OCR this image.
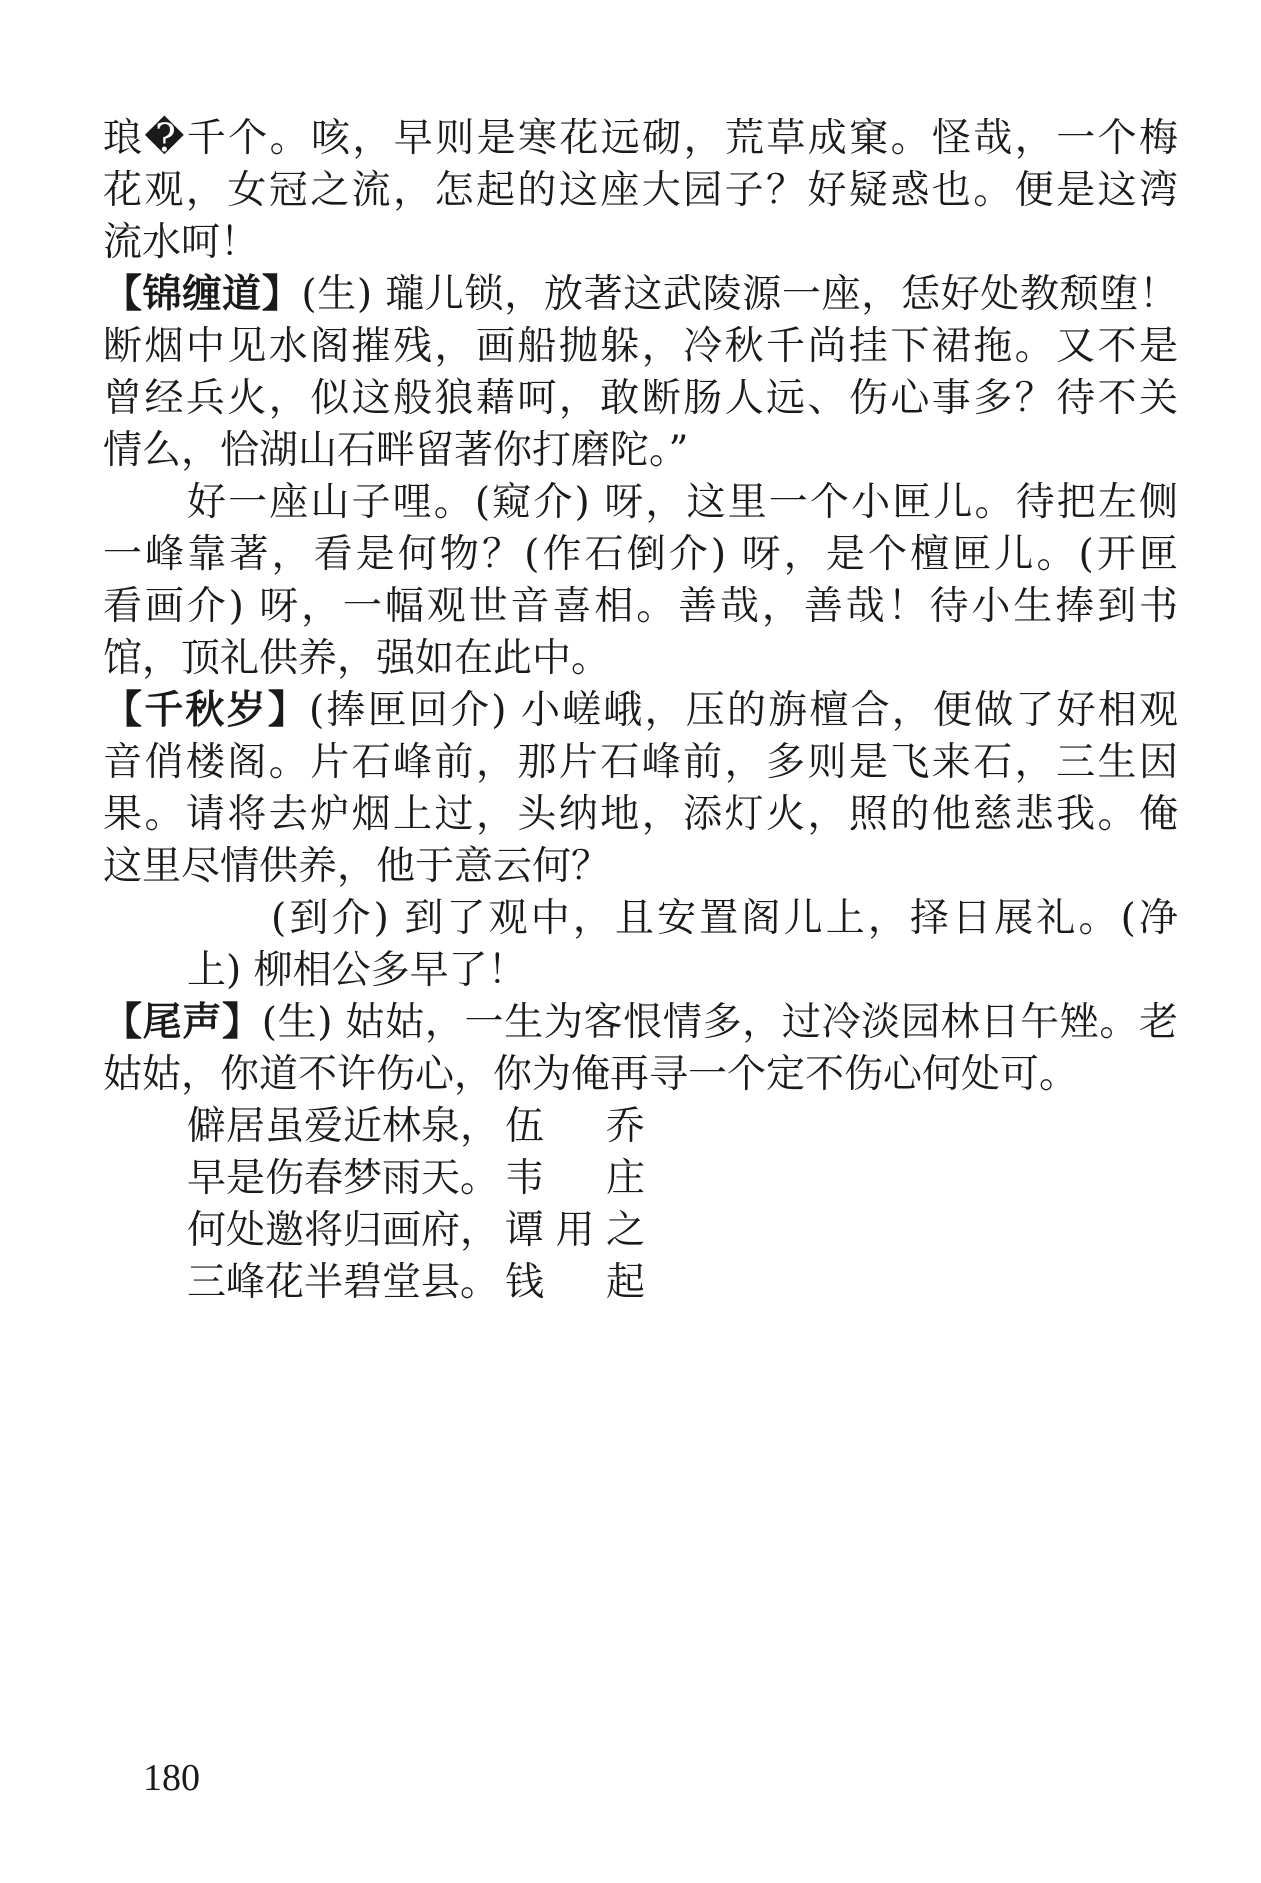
琅�千个。咳，早则是寒花远砌，荒草成窠。怪哉，一个梅
花观，女冠之流，怎起的这座大园子？好疑惑也。便是这湾
流水呵！
【锦缠道】(生) 瓏儿锁，放著这武陵源一座，恁好处教颓堕！
断烟中见水阁摧残，画船抛躲，冷秋千尚挂下裙拖。又不是
曾经兵火，似这般狼藉呵，敢断肠人远、伤心事多？待不关
情么，恰湖山石畔留著你打磨陀。”
好一座山子哩。(窥介) 呀，这里一个小匣儿。待把左侧
一峰靠著，看是何物？(作石倒介) 呀，是个檀匣儿。(开匣
看画介) 呀，一幅观世音喜相。善哉，善哉！待小生捧到书
馆，顶礼供养，强如在此中。
【千秋岁】(捧匣回介) 小嵯峨，压的旃檀合，便做了好相观
音俏楼阁。片石峰前，那片石峰前，多则是飞来石，三生因
果。请将去炉烟上过，头纳地，添灯火，照的他慈悲我。俺
这里尽情供养，他于意云何？
(到介) 到了观中，且安置阁儿上，择日展礼。(净
上) 柳相公多早了！
【尾声】(生) 姑姑，一生为客恨情多，过冷淡园林日午矬。老
姑姑，你道不许伤心，你为俺再寻一个定不伤心何处可。
僻居虽爱近林泉， 伍乔
早是伤春梦雨天。 韦庄
何处邀将归画府， 谭用之
三峰花半碧堂县。 钱起
180
